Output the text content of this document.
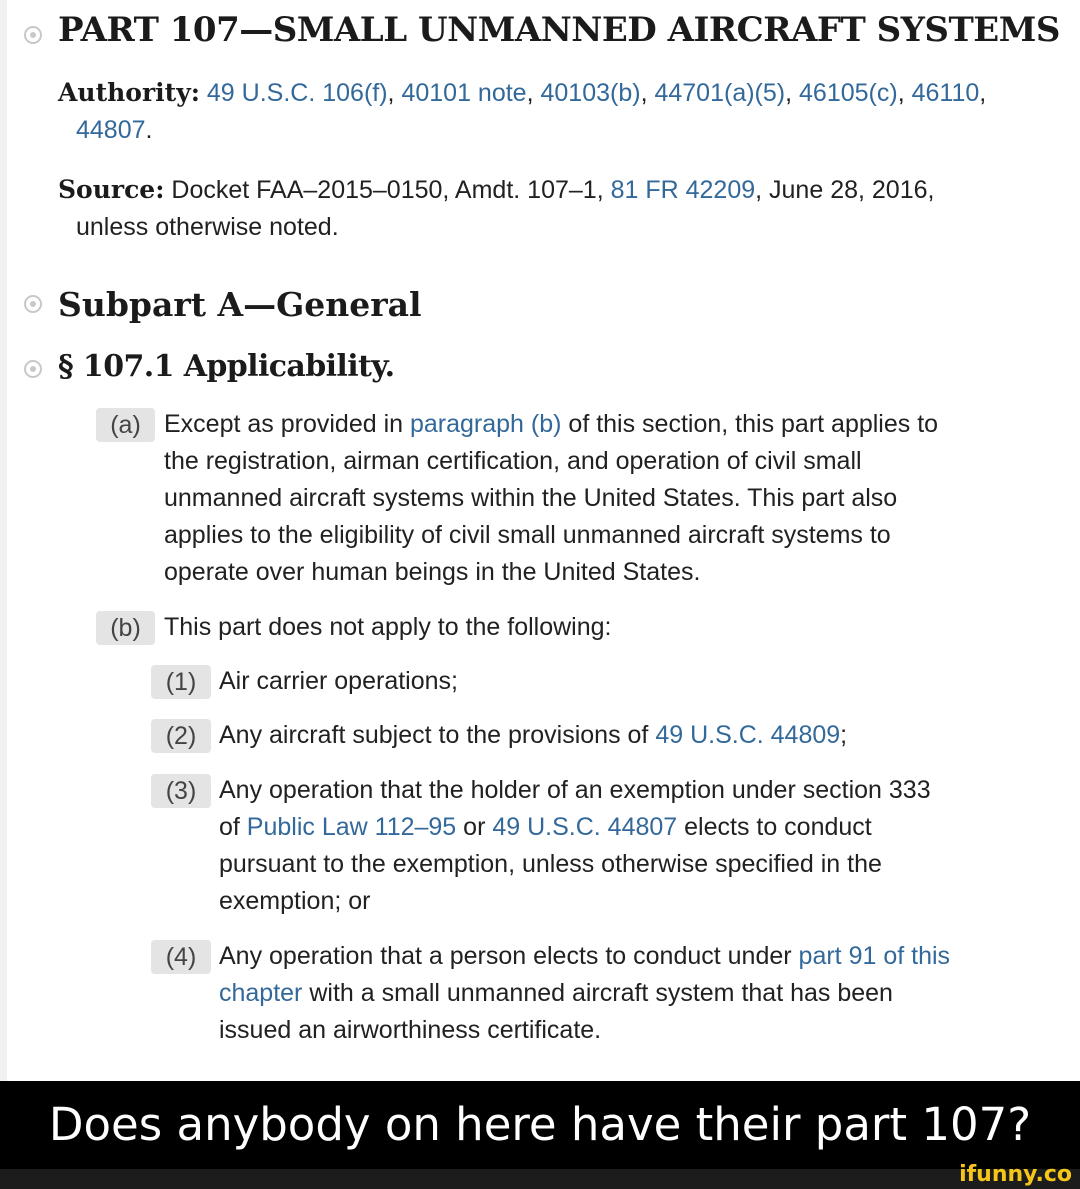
PART 107—SMALL UNMANNED AIRCRAFT SYSTEMS
Authority: 49 U.S.C. 106(f), 40101 note, 40103(b), 44701(a)(5), 46105(c), 46110,
44807.
Source: Docket FAA–2015–0150, Amdt. 107–1, 81 FR 42209, June 28, 2016,
unless otherwise noted.
Subpart A—General
§ 107.1 Applicability.
(a) Except as provided in paragraph (b) of this section, this part applies to
the registration, airman certification, and operation of civil small
unmanned aircraft systems within the United States. This part also
applies to the eligibility of civil small unmanned aircraft systems to
operate over human beings in the United States.
(b) This part does not apply to the following:
(1) Air carrier operations;
(2) Any aircraft subject to the provisions of 49 U.S.C. 44809;
(3) Any operation that the holder of an exemption under section 333
of Public Law 112–95 or 49 U.S.C. 44807 elects to conduct
pursuant to the exemption, unless otherwise specified in the
exemption; or
(4) Any operation that a person elects to conduct under part 91 of this
chapter with a small unmanned aircraft system that has been
issued an airworthiness certificate.
Does anybody on here have their part 107?
ifunny.co
